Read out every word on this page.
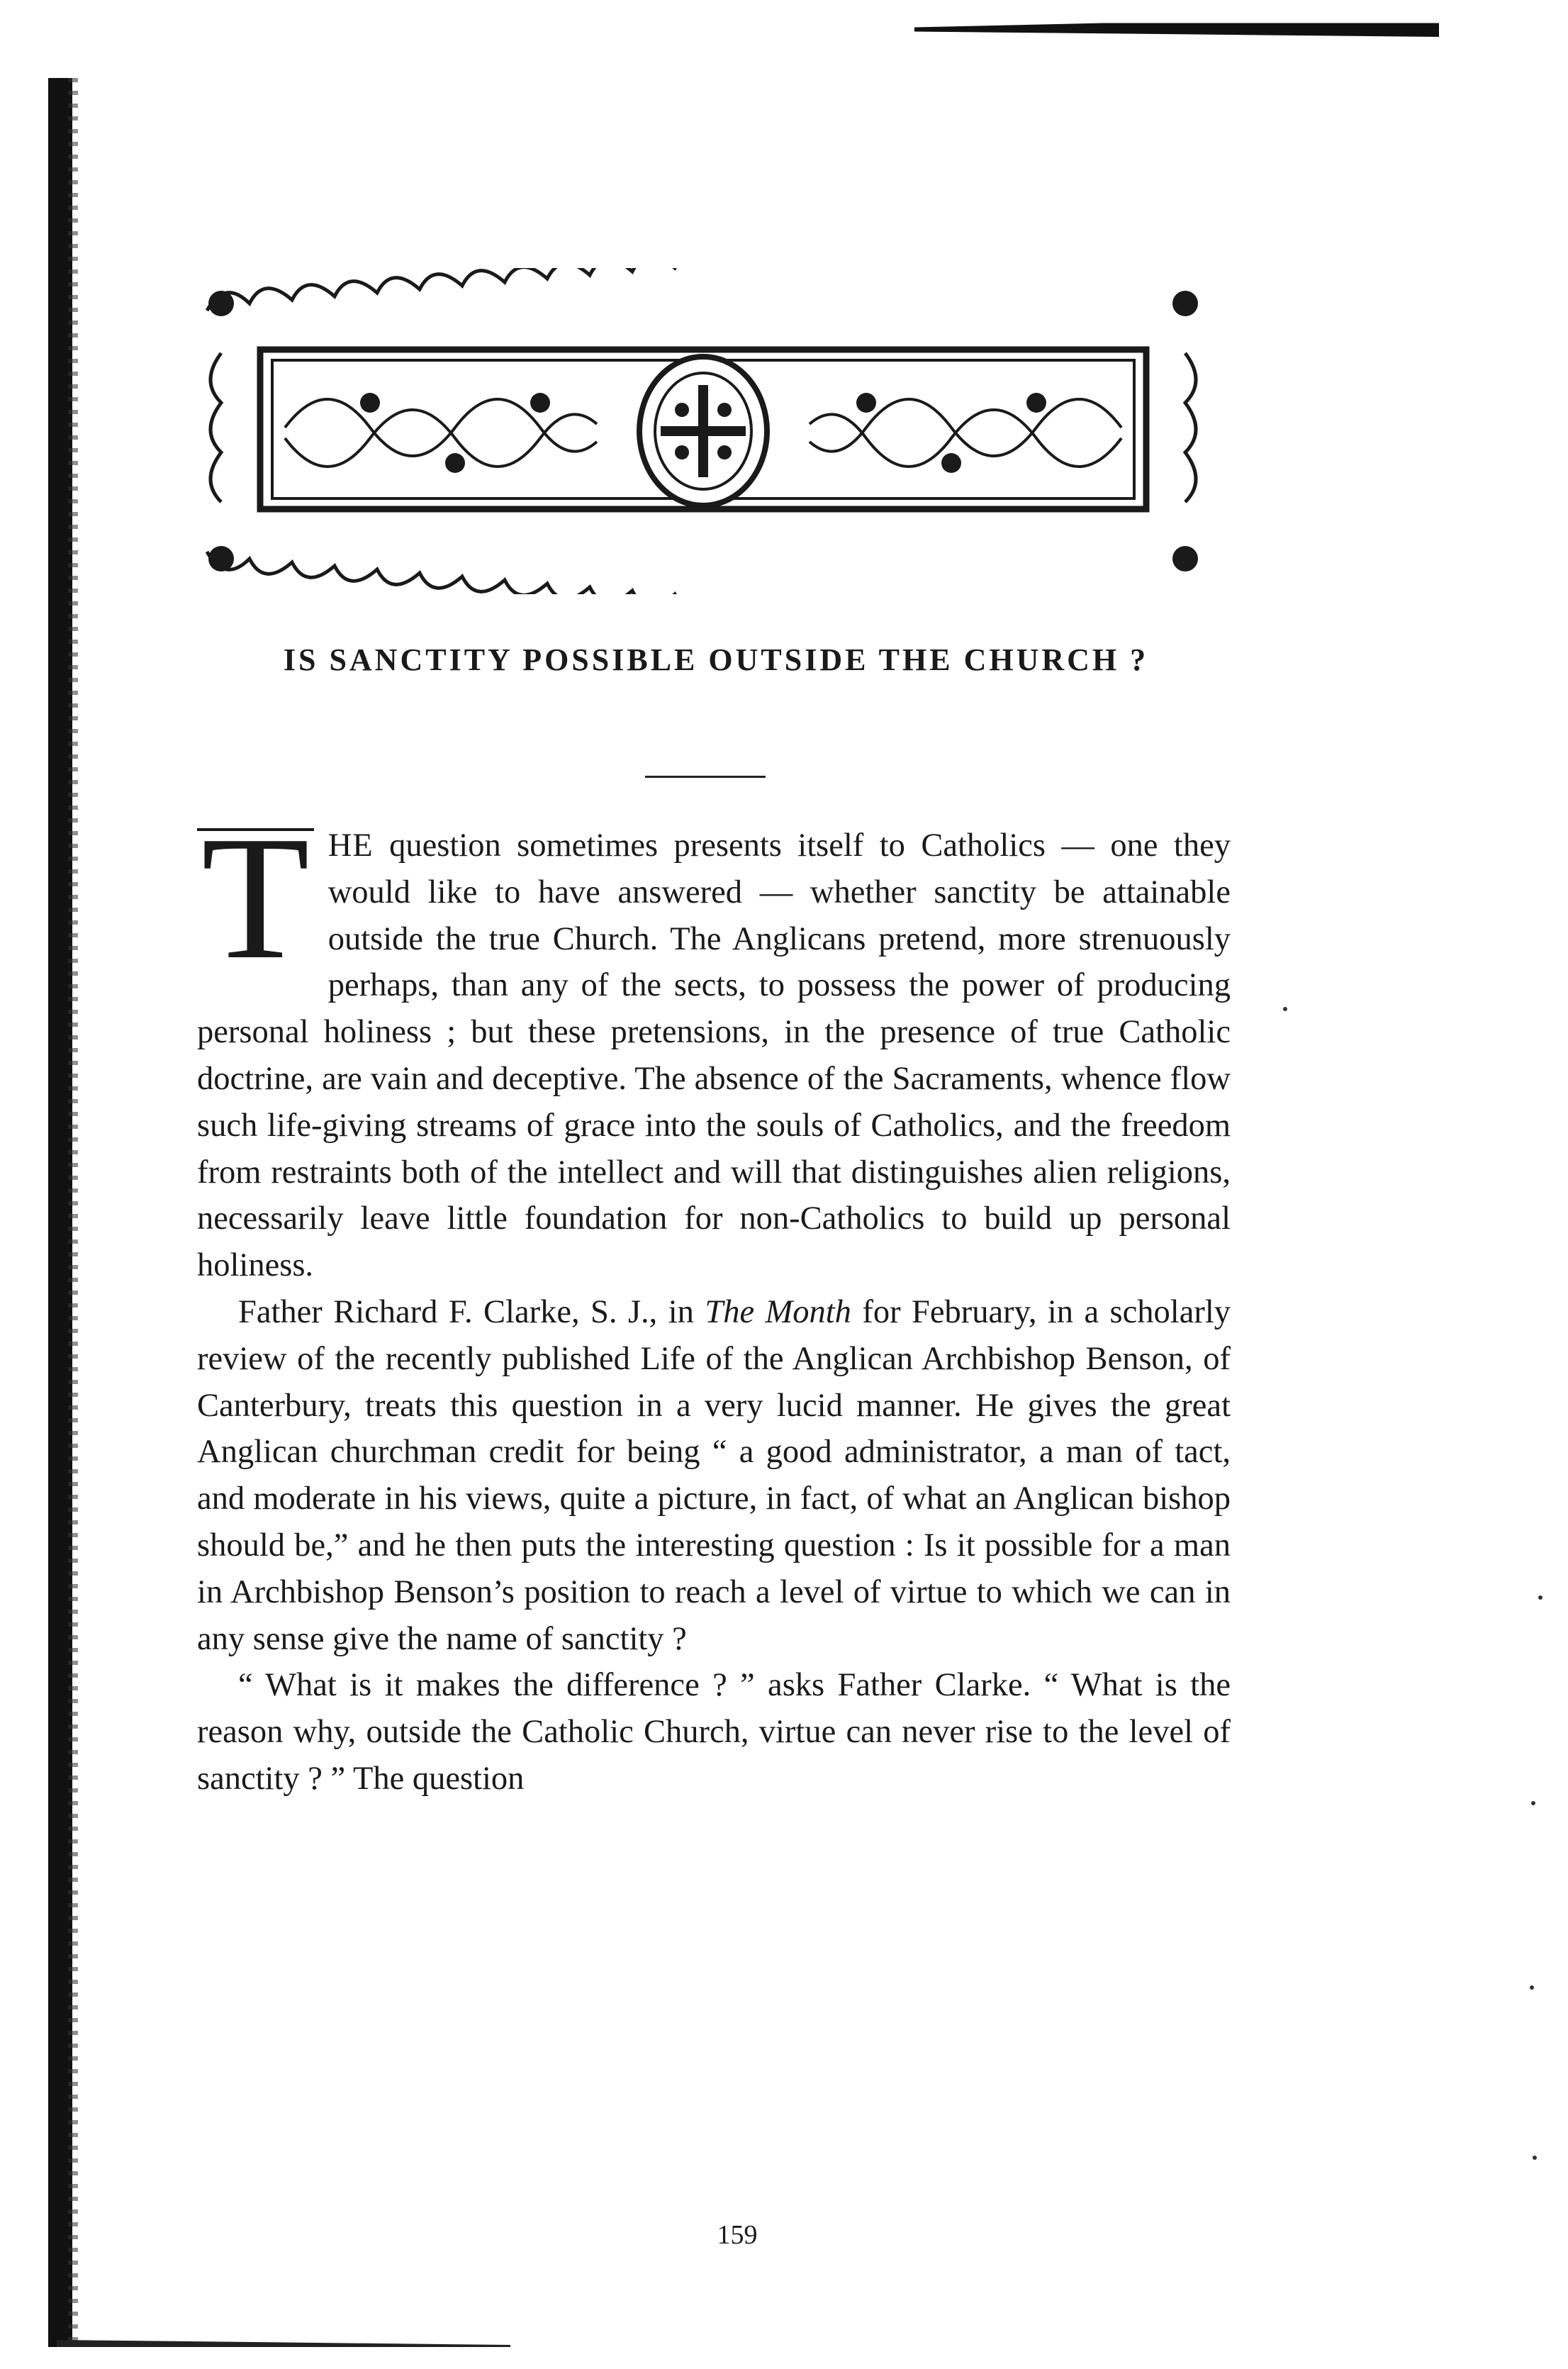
IS SANCTITY POSSIBLE OUTSIDE THE CHURCH ?

T HE question sometimes presents itself to Catholics — one they would like to have answered — whether sanctity be attainable outside the true Church. The Anglicans pretend, more strenuously perhaps, than any of the sects, to possess the power of producing personal holiness ; but these pretensions, in the presence of true Catholic doctrine, are vain and deceptive. The absence of the Sacraments, whence flow such life-giving streams of grace into the souls of Catholics, and the freedom from restraints both of the intellect and will that distinguishes alien religions, necessarily leave little foundation for non-Catholics to build up personal holiness.

Father Richard F. Clarke, S. J., in The Month for February, in a scholarly review of the recently published Life of the Anglican Archbishop Benson, of Canterbury, treats this question in a very lucid manner. He gives the great Anglican churchman credit for being “ a good administrator, a man of tact, and moderate in his views, quite a picture, in fact, of what an Anglican bishop should be,” and he then puts the interesting question : Is it possible for a man in Archbishop Benson’s position to reach a level of virtue to which we can in any sense give the name of sanctity ?

“ What is it makes the difference ? ” asks Father Clarke. “ What is the reason why, outside the Catholic Church, virtue can never rise to the level of sanctity ? ” The question

159
